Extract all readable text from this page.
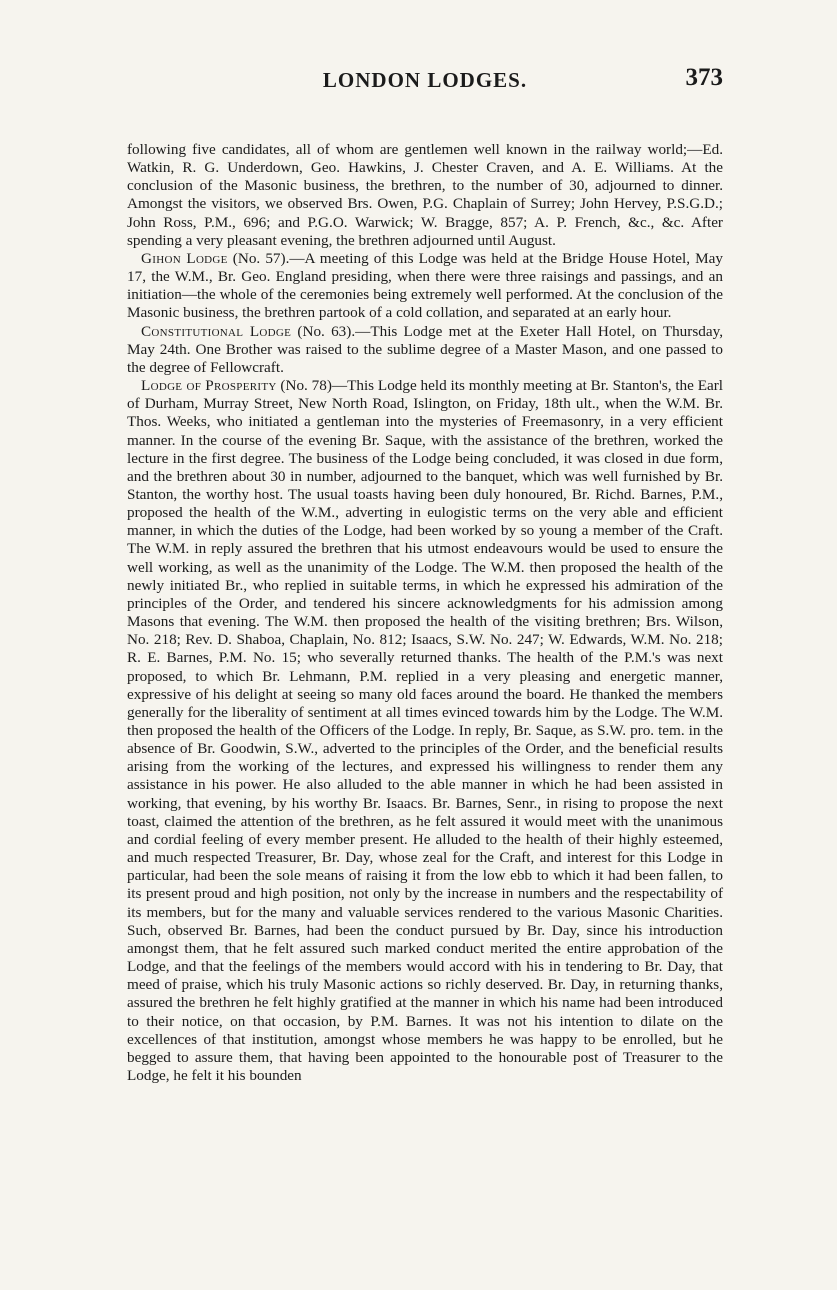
LONDON LODGES.	373

following five candidates, all of whom are gentlemen well known in the railway world;—Ed. Watkin, R. G. Underdown, Geo. Hawkins, J. Chester Craven, and A. E. Williams. At the conclusion of the Masonic business, the brethren, to the number of 30, adjourned to dinner. Amongst the visitors, we observed Brs. Owen, P.G. Chaplain of Surrey; John Hervey, P.S.G.D.; John Ross, P.M., 696; and P.G.O. Warwick; W. Bragge, 857; A. P. French, &c., &c. After spending a very pleasant evening, the brethren adjourned until August.

Gihon Lodge (No. 57).—A meeting of this Lodge was held at the Bridge House Hotel, May 17, the W.M., Br. Geo. England presiding, when there were three raisings and passings, and an initiation—the whole of the ceremonies being extremely well performed. At the conclusion of the Masonic business, the brethren partook of a cold collation, and separated at an early hour.

Constitutional Lodge (No. 63).—This Lodge met at the Exeter Hall Hotel, on Thursday, May 24th. One Brother was raised to the sublime degree of a Master Mason, and one passed to the degree of Fellowcraft.

Lodge of Prosperity (No. 78)—This Lodge held its monthly meeting at Br. Stanton's, the Earl of Durham, Murray Street, New North Road, Islington, on Friday, 18th ult., when the W.M. Br. Thos. Weeks, who initiated a gentleman into the mysteries of Freemasonry, in a very efficient manner. In the course of the evening Br. Saque, with the assistance of the brethren, worked the lecture in the first degree. The business of the Lodge being concluded, it was closed in due form, and the brethren about 30 in number, adjourned to the banquet, which was well furnished by Br. Stanton, the worthy host. The usual toasts having been duly honoured, Br. Richd. Barnes, P.M., proposed the health of the W.M., adverting in eulogistic terms on the very able and efficient manner, in which the duties of the Lodge, had been worked by so young a member of the Craft. The W.M. in reply assured the brethren that his utmost endeavours would be used to ensure the well working, as well as the unanimity of the Lodge. The W.M. then proposed the health of the newly initiated Br., who replied in suitable terms, in which he expressed his admiration of the principles of the Order, and tendered his sincere acknowledgments for his admission among Masons that evening. The W.M. then proposed the health of the visiting brethren; Brs. Wilson, No. 218; Rev. D. Shaboa, Chaplain, No. 812; Isaacs, S.W. No. 247; W. Edwards, W.M. No. 218; R. E. Barnes, P.M. No. 15; who severally returned thanks. The health of the P.M.'s was next proposed, to which Br. Lehmann, P.M. replied in a very pleasing and energetic manner, expressive of his delight at seeing so many old faces around the board. He thanked the members generally for the liberality of sentiment at all times evinced towards him by the Lodge. The W.M. then proposed the health of the Officers of the Lodge. In reply, Br. Saque, as S.W. pro. tem. in the absence of Br. Goodwin, S.W., adverted to the principles of the Order, and the beneficial results arising from the working of the lectures, and expressed his willingness to render them any assistance in his power. He also alluded to the able manner in which he had been assisted in working, that evening, by his worthy Br. Isaacs. Br. Barnes, Senr., in rising to propose the next toast, claimed the attention of the brethren, as he felt assured it would meet with the unanimous and cordial feeling of every member present. He alluded to the health of their highly esteemed, and much respected Treasurer, Br. Day, whose zeal for the Craft, and interest for this Lodge in particular, had been the sole means of raising it from the low ebb to which it had been fallen, to its present proud and high position, not only by the increase in numbers and the respectability of its members, but for the many and valuable services rendered to the various Masonic Charities. Such, observed Br. Barnes, had been the conduct pursued by Br. Day, since his introduction amongst them, that he felt assured such marked conduct merited the entire approbation of the Lodge, and that the feelings of the members would accord with his in tendering to Br. Day, that meed of praise, which his truly Masonic actions so richly deserved. Br. Day, in returning thanks, assured the brethren he felt highly gratified at the manner in which his name had been introduced to their notice, on that occasion, by P.M. Barnes. It was not his intention to dilate on the excellences of that institution, amongst whose members he was happy to be enrolled, but he begged to assure them, that having been appointed to the honourable post of Treasurer to the Lodge, he felt it his bounden
